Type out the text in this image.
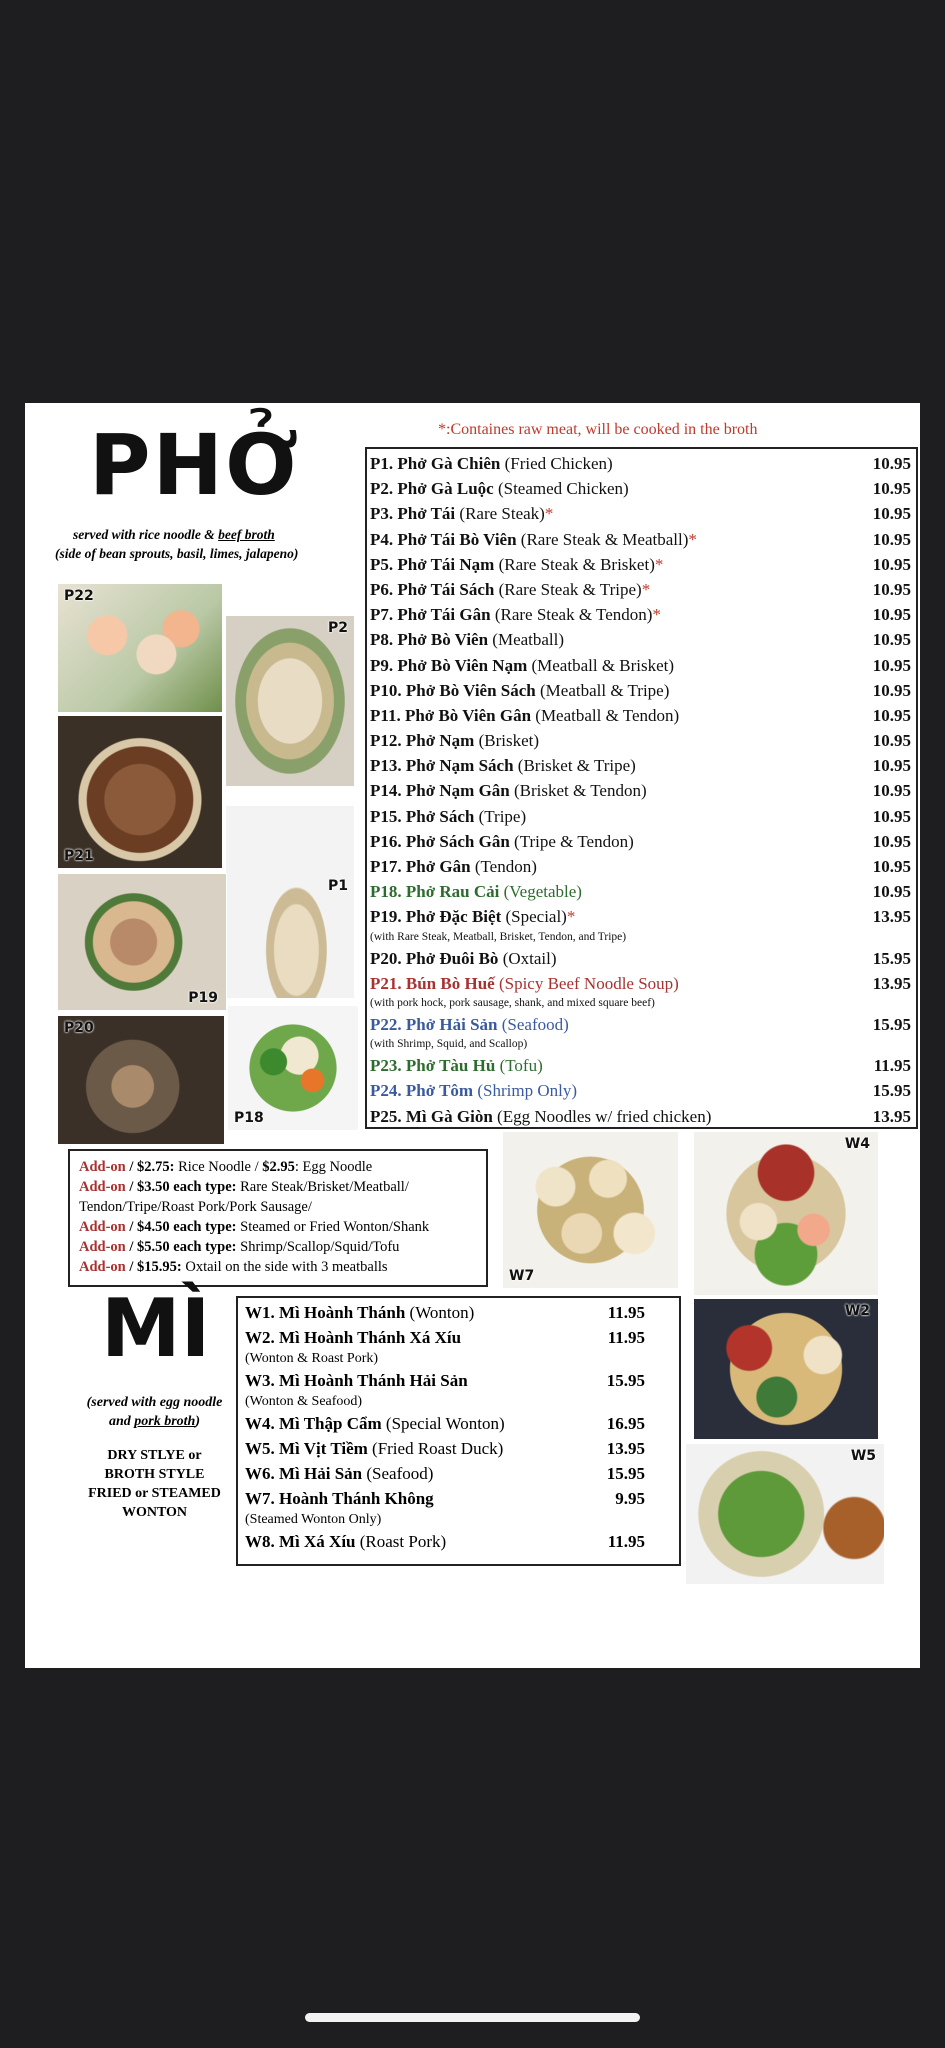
*:Containes raw meat, will be cooked in the broth
PHỞ
served with rice noodle & beef broth
(side of bean sprouts, basil, limes, jalapeno)
P22
P2
P21
P1
P19
P20
P18
P1. Phở Gà Chiên (Fried Chicken)	10.95
P2. Phở Gà Luộc (Steamed Chicken)	10.95
P3. Phở Tái (Rare Steak)*	10.95
P4. Phở Tái Bò Viên (Rare Steak & Meatball)*	10.95
P5. Phở Tái Nạm (Rare Steak & Brisket)*	10.95
P6. Phở Tái Sách (Rare Steak & Tripe)*	10.95
P7. Phở Tái Gân (Rare Steak & Tendon)*	10.95
P8. Phở Bò Viên (Meatball)	10.95
P9. Phở Bò Viên Nạm (Meatball & Brisket)	10.95
P10. Phở Bò Viên Sách (Meatball & Tripe)	10.95
P11. Phở Bò Viên Gân (Meatball & Tendon)	10.95
P12. Phở Nạm (Brisket)	10.95
P13. Phở Nạm Sách (Brisket & Tripe)	10.95
P14. Phở Nạm Gân (Brisket & Tendon)	10.95
P15. Phở Sách (Tripe)	10.95
P16. Phở Sách Gân (Tripe & Tendon)	10.95
P17. Phở Gân (Tendon)	10.95
P18. Phở Rau Cải (Vegetable)	10.95
P19. Phở Đặc Biệt (Special)*	13.95
(with Rare Steak, Meatball, Brisket, Tendon, and Tripe)
P20. Phở Đuôi Bò (Oxtail)	15.95
P21. Bún Bò Huế (Spicy Beef Noodle Soup)	13.95
(with pork hock, pork sausage, shank, and mixed square beef)
P22. Phở Hải Sản (Seafood)	15.95
(with Shrimp, Squid, and Scallop)
P23. Phở Tàu Hủ (Tofu)	11.95
P24. Phở Tôm (Shrimp Only)	15.95
P25. Mì Gà Giòn (Egg Noodles w/ fried chicken)	13.95
Add-on / $2.75: Rice Noodle / $2.95: Egg Noodle
Add-on / $3.50 each type: Rare Steak/Brisket/Meatball/
Tendon/Tripe/Roast Pork/Pork Sausage/
Add-on / $4.50 each type: Steamed or Fried Wonton/Shank
Add-on / $5.50 each type: Shrimp/Scallop/Squid/Tofu
Add-on / $15.95: Oxtail on the side with 3 meatballs
W7
W4
W2
W5
MÌ
(served with egg noodle
and pork broth)
DRY STLYE or
BROTH STYLE
FRIED or STEAMED
WONTON
W1. Mì Hoành Thánh (Wonton)	11.95
W2. Mì Hoành Thánh Xá Xíu	11.95
(Wonton & Roast Pork)
W3. Mì Hoành Thánh Hải Sản	15.95
(Wonton & Seafood)
W4. Mì Thập Cẩm (Special Wonton)	16.95
W5. Mì Vịt Tiềm (Fried Roast Duck)	13.95
W6. Mì Hải Sản (Seafood)	15.95
W7. Hoành Thánh Không	9.95
(Steamed Wonton Only)
W8. Mì Xá Xíu (Roast Pork)	11.95
